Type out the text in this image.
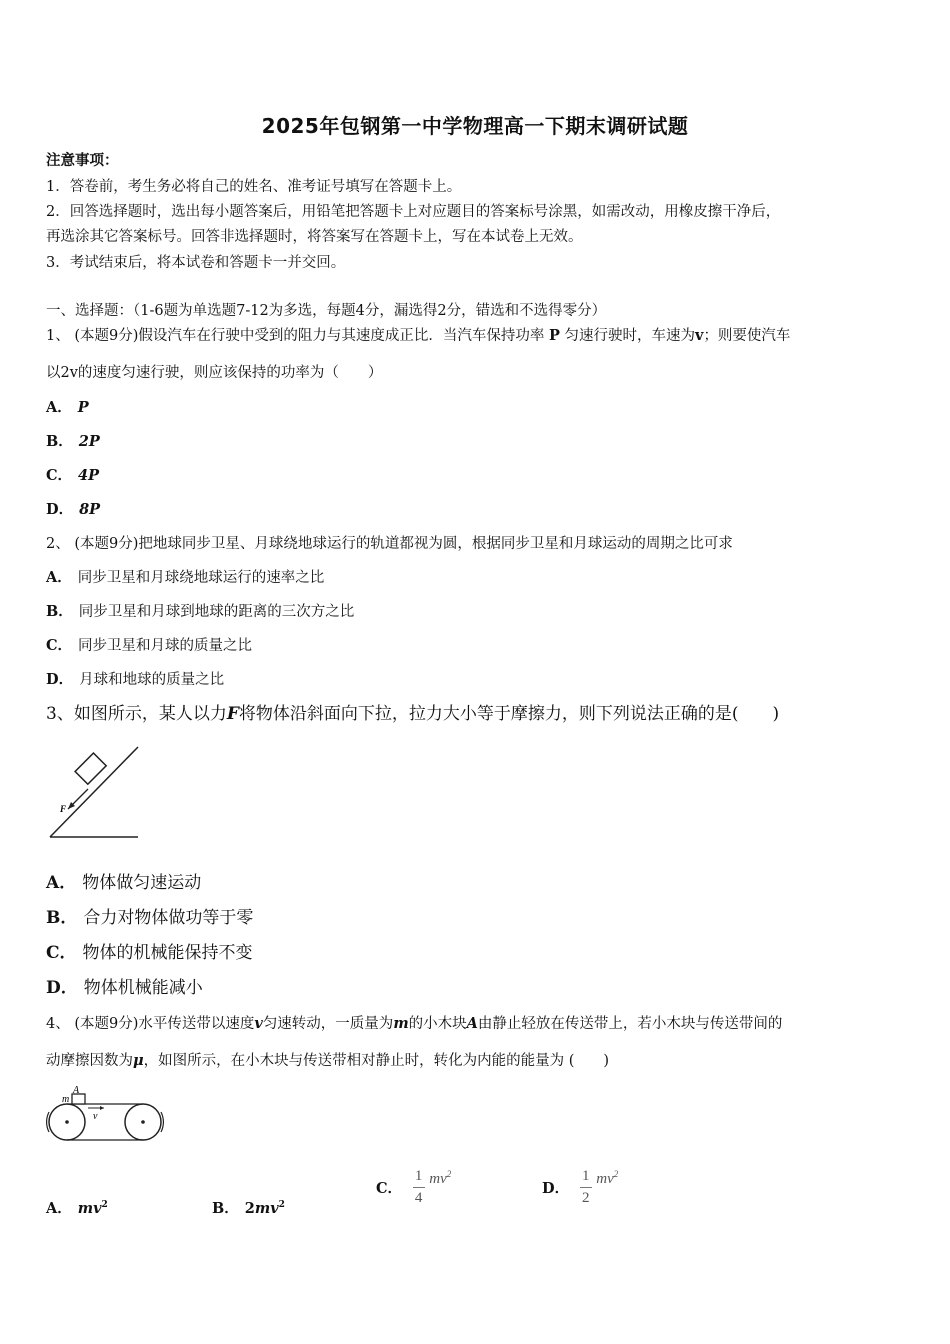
2025年包钢第一中学物理高一下期末调研试题
注意事项：
1．答卷前，考生务必将自己的姓名、准考证号填写在答题卡上。
2．回答选择题时，选出每小题答案后，用铅笔把答题卡上对应题目的答案标号涂黑，如需改动，用橡皮擦干净后，
再选涂其它答案标号。回答非选择题时，将答案写在答题卡上，写在本试卷上无效。
3．考试结束后，将本试卷和答题卡一并交回。
一、选择题：（1-6题为单选题7-12为多选，每题4分，漏选得2分，错选和不选得零分）
1、 (本题9分)假设汽车在行驶中受到的阻力与其速度成正比．当汽车保持功率 P 匀速行驶时，车速为v；则要使汽车
以2v的速度匀速行驶，则应该保持的功率为（　　）
A． P
B． 2P
C． 4P
D． 8P
2、 (本题9分)把地球同步卫星、月球绕地球运行的轨道都视为圆，根据同步卫星和月球运动的周期之比可求
A． 同步卫星和月球绕地球运行的速率之比
B． 同步卫星和月球到地球的距离的三次方之比
C． 同步卫星和月球的质量之比
D． 月球和地球的质量之比
3、如图所示，某人以力F将物体沿斜面向下拉，拉力大小等于摩擦力，则下列说法正确的是(　　)
F
A． 物体做匀速运动
B． 合力对物体做功等于零
C． 物体的机械能保持不变
D． 物体机械能减小
4、 (本题9分)水平传送带以速度v匀速转动，一质量为m的小木块A由静止轻放在传送带上，若小木块与传送带间的
动摩擦因数为μ，如图所示，在小木块与传送带相对静止时，转化为内能的能量为 (　　)
A
m
v
A． $mv^2$	B． $2mv^2$
C． $\frac{1}{4} mv^2$
D． $\frac{1}{2} mv^2$
